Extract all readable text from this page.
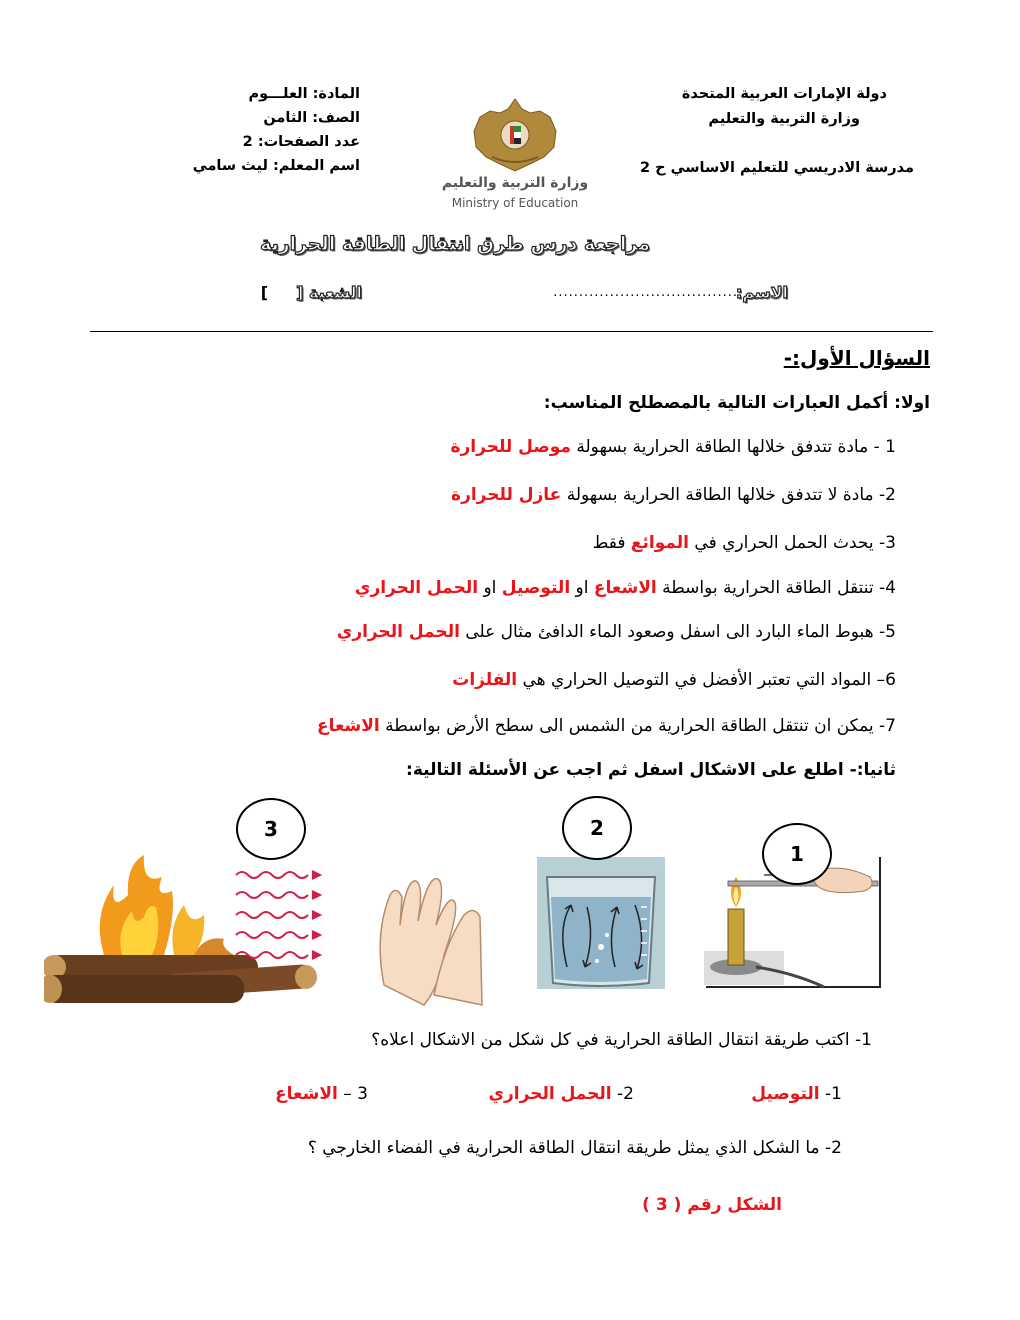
دولة الإمارات العربية المتحدة
وزارة التربية والتعليم
مدرسة الادريسي للتعليم الاساسي ح 2
المادة: العلـــوم
الصف: الثامن
عدد الصفحات: 2
اسم المعلم: ليث سامي
وزارة التربية والتعليم
Ministry of Education
مراجعة درس طرق انتقال الطاقة الحرارية
الاسم:
....................................
الشعبة []
السؤال الأول:-
اولا: أكمل العبارات التالية بالمصطلح المناسب:
1 - مادة تتدفق خلالها الطاقة الحرارية بسهولة موصل للحرارة
2- مادة لا تتدفق خلالها الطاقة الحرارية بسهولة عازل للحرارة
3- يحدث الحمل الحراري في الموائع فقط
4- تنتقل الطاقة الحرارية بواسطة الاشعاع او التوصيل او الحمل الحراري
5- هبوط الماء البارد الى اسفل وصعود الماء الدافئ مثال على الحمل الحراري
6– المواد التي تعتبر الأفضل في التوصيل الحراري هي الفلزات
7- يمكن ان تنتقل الطاقة الحرارية من الشمس الى سطح الأرض بواسطة الاشعاع
ثانيا:- اطلع على الاشكال اسفل ثم اجب عن الأسئلة التالية:
3	2
1
1- اكتب طريقة انتقال الطاقة الحرارية في كل شكل من الاشكال اعلاه؟
1- التوصيل
2- الحمل الحراري
3 – الاشعاع
2- ما الشكل الذي يمثل طريقة انتقال الطاقة الحرارية في الفضاء الخارجي ؟
الشكل رقم ( 3 )
